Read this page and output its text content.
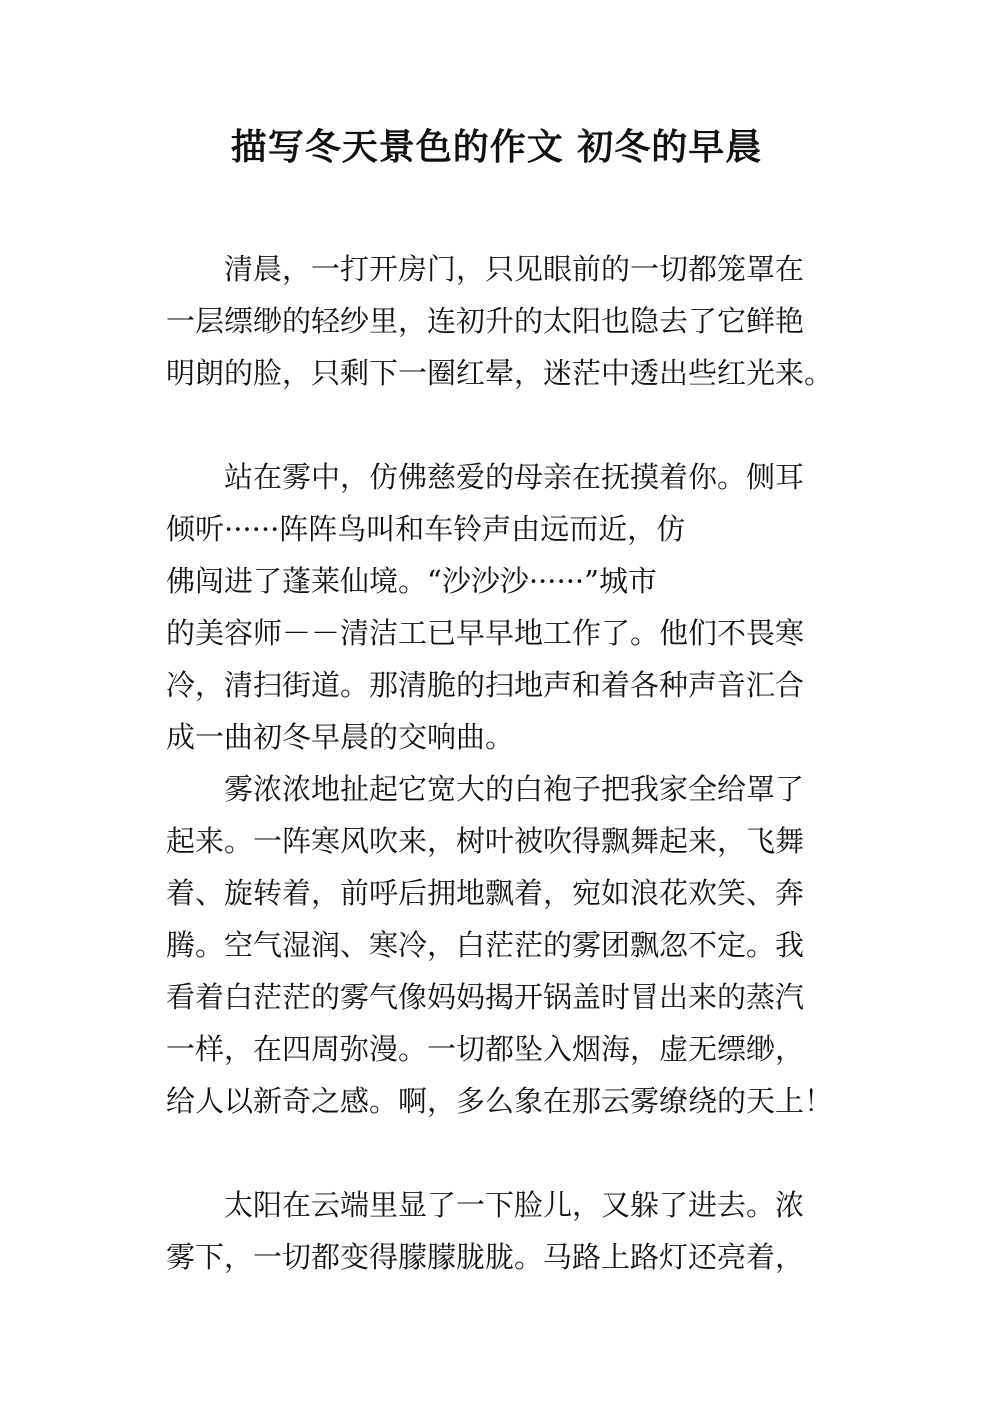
描写冬天景色的作文 初冬的早晨
　　清晨，一打开房门，只见眼前的一切都笼罩在
一层缥缈的轻纱里，连初升的太阳也隐去了它鲜艳
明朗的脸，只剩下一圈红晕，迷茫中透出些红光来。
　　站在雾中，仿佛慈爱的母亲在抚摸着你。侧耳
倾听······阵阵鸟叫和车铃声由远而近，仿
佛闯进了蓬莱仙境。“沙沙沙······”城市
的美容师－－清洁工已早早地工作了。他们不畏寒
冷，清扫街道。那清脆的扫地声和着各种声音汇合
成一曲初冬早晨的交响曲。
　　雾浓浓地扯起它宽大的白袍子把我家全给罩了
起来。一阵寒风吹来，树叶被吹得飘舞起来，飞舞
着、旋转着，前呼后拥地飘着，宛如浪花欢笑、奔
腾。空气湿润、寒冷，白茫茫的雾团飘忽不定。我
看着白茫茫的雾气像妈妈揭开锅盖时冒出来的蒸汽
一样，在四周弥漫。一切都坠入烟海，虚无缥缈，
给人以新奇之感。啊，多么象在那云雾缭绕的天上！
　　太阳在云端里显了一下脸儿，又躲了进去。浓
雾下，一切都变得朦朦胧胧。马路上路灯还亮着，
